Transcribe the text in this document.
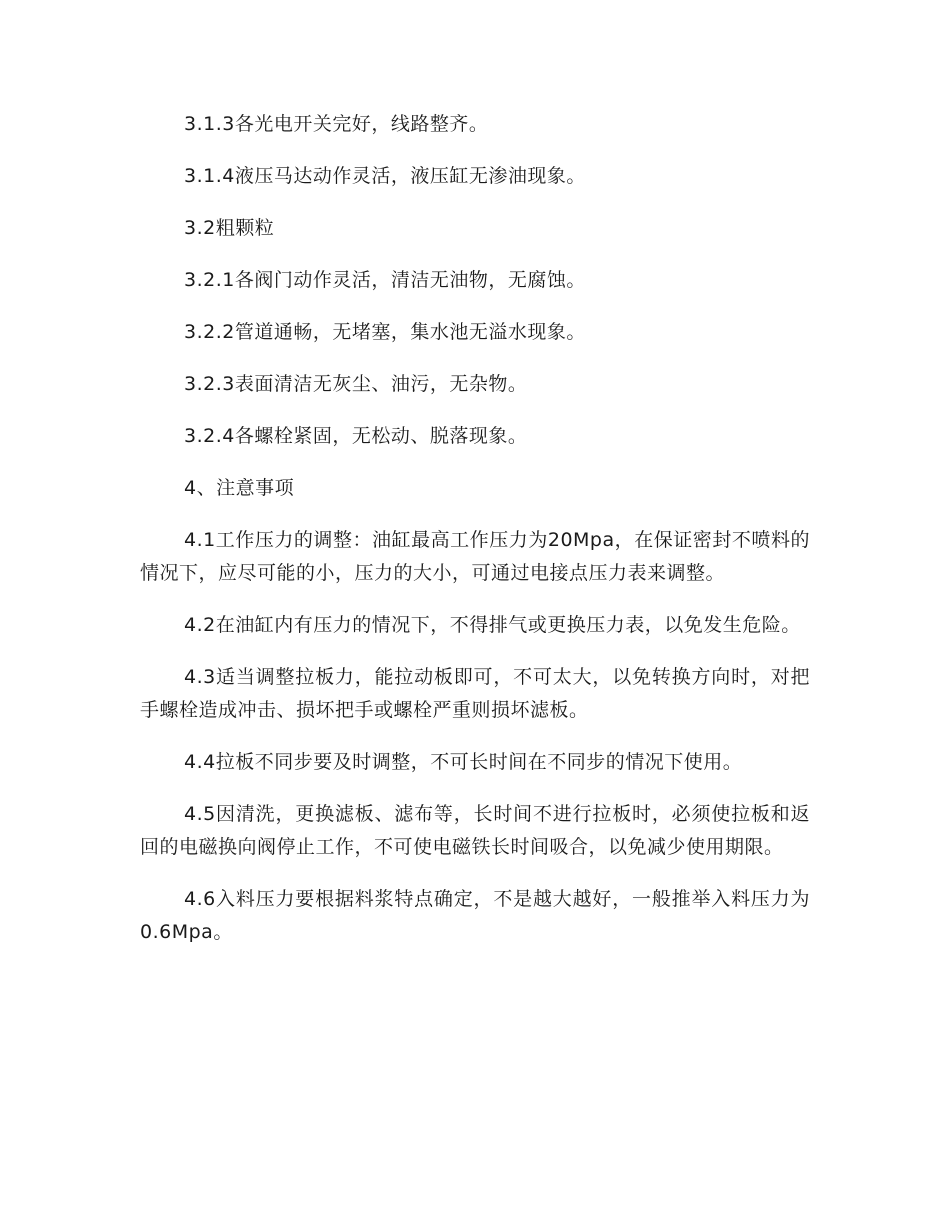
3.1.3各光电开关完好，线路整齐。

3.1.4液压马达动作灵活，液压缸无渗油现象。

3.2粗颗粒

3.2.1各阀门动作灵活，清洁无油物，无腐蚀。

3.2.2管道通畅，无堵塞，集水池无溢水现象。

3.2.3表面清洁无灰尘、油污，无杂物。

3.2.4各螺栓紧固，无松动、脱落现象。

4、注意事项

4.1工作压力的调整：油缸最高工作压力为20Mpa，在保证密封不喷料的情况下，应尽可能的小，压力的大小，可通过电接点压力表来调整。

4.2在油缸内有压力的情况下，不得排气或更换压力表，以免发生危险。

4.3适当调整拉板力，能拉动板即可，不可太大，以免转换方向时，对把手螺栓造成冲击、损坏把手或螺栓严重则损坏滤板。

4.4拉板不同步要及时调整，不可长时间在不同步的情况下使用。

4.5因清洗，更换滤板、滤布等，长时间不进行拉板时，必须使拉板和返回的电磁换向阀停止工作，不可使电磁铁长时间吸合，以免减少使用期限。

4.6入料压力要根据料浆特点确定，不是越大越好，一般推举入料压力为0.6Mpa。
